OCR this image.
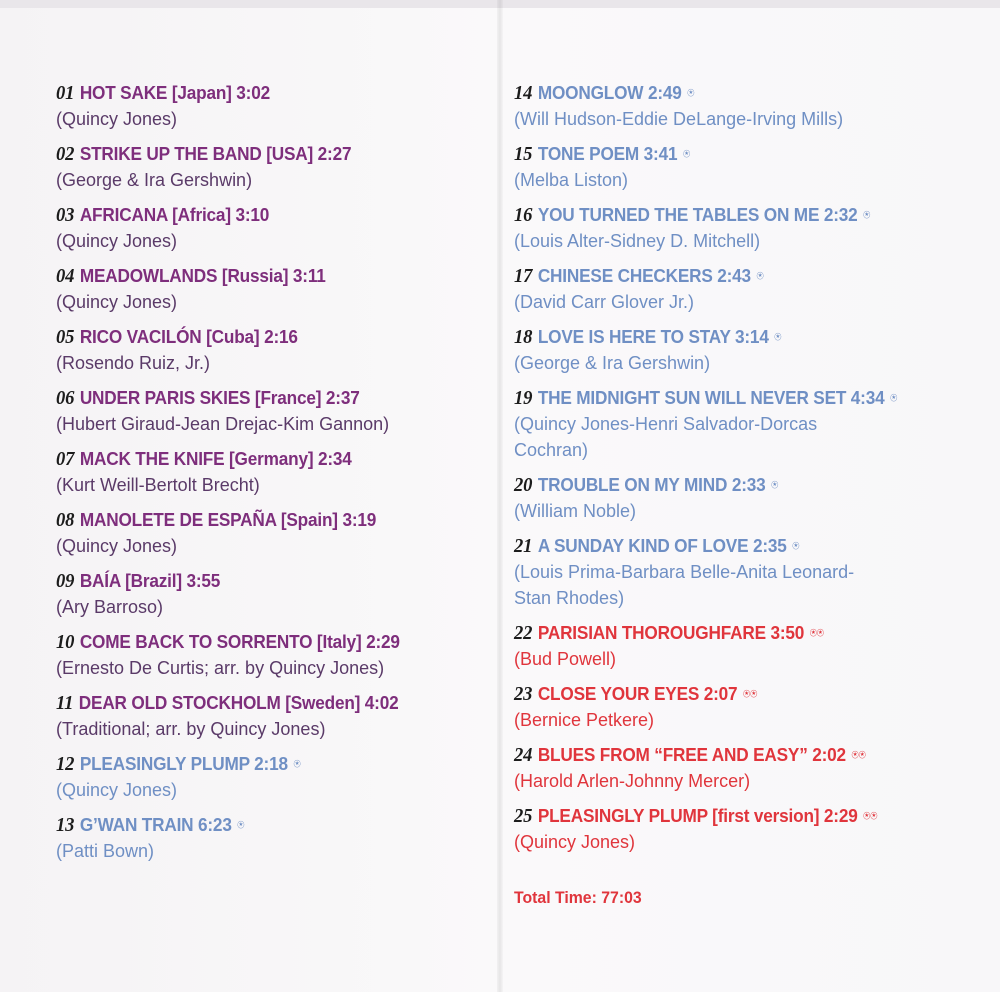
01 HOT SAKE [Japan] 3:02
(Quincy Jones)
02 STRIKE UP THE BAND [USA] 2:27
(George & Ira Gershwin)
03 AFRICANA [Africa] 3:10
(Quincy Jones)
04 MEADOWLANDS [Russia] 3:11
(Quincy Jones)
05 RICO VACILÓN [Cuba] 2:16
(Rosendo Ruiz, Jr.)
06 UNDER PARIS SKIES [France] 2:37
(Hubert Giraud-Jean Drejac-Kim Gannon)
07 MACK THE KNIFE [Germany] 2:34
(Kurt Weill-Bertolt Brecht)
08 MANOLETE DE ESPAÑA [Spain] 3:19
(Quincy Jones)
09 BAÍA [Brazil] 3:55
(Ary Barroso)
10 COME BACK TO SORRENTO [Italy] 2:29
(Ernesto De Curtis; arr. by Quincy Jones)
11 DEAR OLD STOCKHOLM [Sweden] 4:02
(Traditional; arr. by Quincy Jones)
12 PLEASINGLY PLUMP 2:18 ⍟
(Quincy Jones)
13 G’WAN TRAIN 6:23 ⍟
(Patti Bown)
14 MOONGLOW 2:49 ⍟
(Will Hudson-Eddie DeLange-Irving Mills)
15 TONE POEM 3:41 ⍟
(Melba Liston)
16 YOU TURNED THE TABLES ON ME 2:32 ⍟
(Louis Alter-Sidney D. Mitchell)
17 CHINESE CHECKERS 2:43 ⍟
(David Carr Glover Jr.)
18 LOVE IS HERE TO STAY 3:14 ⍟
(George & Ira Gershwin)
19 THE MIDNIGHT SUN WILL NEVER SET 4:34 ⍟
(Quincy Jones-Henri Salvador-Dorcas
Cochran)
20 TROUBLE ON MY MIND 2:33 ⍟
(William Noble)
21 A SUNDAY KIND OF LOVE 2:35 ⍟
(Louis Prima-Barbara Belle-Anita Leonard-
Stan Rhodes)
22 PARISIAN THOROUGHFARE 3:50 ⍟⍟
(Bud Powell)
23 CLOSE YOUR EYES 2:07 ⍟⍟
(Bernice Petkere)
24 BLUES FROM “FREE AND EASY” 2:02 ⍟⍟
(Harold Arlen-Johnny Mercer)
25 PLEASINGLY PLUMP [first version] 2:29 ⍟⍟
(Quincy Jones)
Total Time: 77:03
